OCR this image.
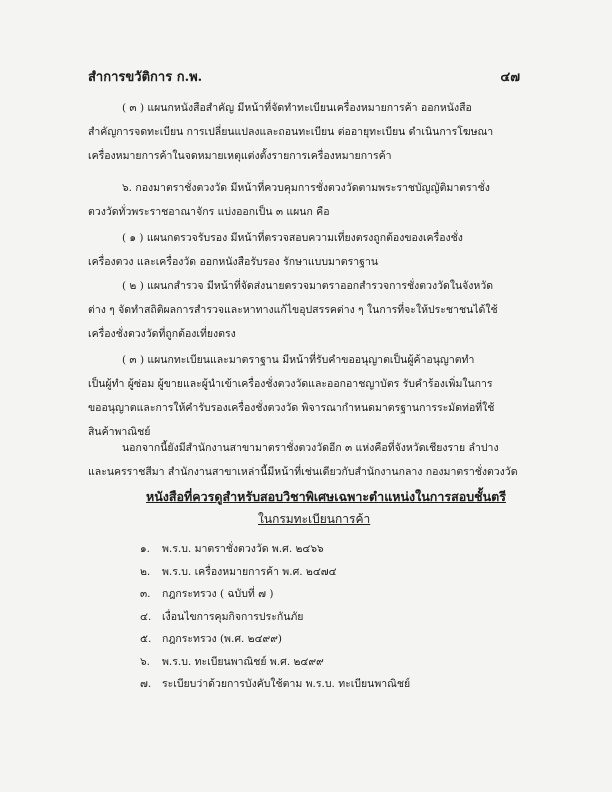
สำการขวัติการ ก.พ.	๔๗
( ๓ ) แผนกหนังสือสำคัญ มีหน้าที่จัดทำทะเบียนเครื่องหมายการค้า ออกหนังสือ
สำคัญการจดทะเบียน การเปลี่ยนแปลงและถอนทะเบียน ต่ออายุทะเบียน ดำเนินการโฆษณา
เครื่องหมายการค้าในจดหมายเหตุแต่งตั้งรายการเครื่องหมายการค้า
๖. กองมาตราชั่งตวงวัด มีหน้าที่ควบคุมการชั่งตวงวัดตามพระราชบัญญัติมาตราชั่ง
ตวงวัดทั่วพระราชอาณาจักร แบ่งออกเป็น ๓ แผนก คือ
( ๑ ) แผนกตรวจรับรอง มีหน้าที่ตรวจสอบความเที่ยงตรงถูกต้องของเครื่องชั่ง
เครื่องตวง และเครื่องวัด ออกหนังสือรับรอง รักษาแบบมาตราฐาน
( ๒ ) แผนกสำรวจ มีหน้าที่จัดส่งนายตรวจมาตราออกสำรวจการชั่งตวงวัดในจังหวัด
ต่าง ๆ จัดทำสถิติผลการสำรวจและหาทางแก้ไขอุปสรรคต่าง ๆ ในการที่จะให้ประชาชนได้ใช้
เครื่องชั่งตวงวัดที่ถูกต้องเที่ยงตรง
( ๓ ) แผนกทะเบียนและมาตราฐาน มีหน้าที่รับคำขออนุญาตเป็นผู้ค้าอนุญาตทำ
เป็นผู้ทำ ผู้ซ่อม ผู้ขายและผู้นำเข้าเครื่องชั่งตวงวัดและออกอาชญาบัตร รับคำร้องเพิ่มในการ
ขออนุญาตและการให้คำรับรองเครื่องชั่งตวงวัด พิจารณากำหนดมาตรฐานการระมัดท่อที่ใช้
สินค้าพาณิชย์
นอกจากนี้ยังมีสำนักงานสาขามาตราชั่งตวงวัดอีก ๓ แห่งคือที่จังหวัดเชียงราย ลำปาง
และนครราชสีมา สำนักงานสาขาเหล่านี้มีหน้าที่เช่นเดียวกับสำนักงานกลาง กองมาตราชั่งตวงวัด
หนังสือที่ควรดูสำหรับสอบวิชาพิเศษเฉพาะตำแหน่งในการสอบชั้นตรี
ในกรมทะเบียนการค้า
๑. พ.ร.บ. มาตราชั่งตวงวัด พ.ศ. ๒๔๖๖
๒. พ.ร.บ. เครื่องหมายการค้า พ.ศ. ๒๔๗๔
๓. กฎกระทรวง ( ฉบับที่ ๗ )
๔. เงื่อนไขการคุมกิจการประกันภัย
๕. กฎกระทรวง (พ.ศ. ๒๔๙๙)
๖. พ.ร.บ. ทะเบียนพาณิชย์ พ.ศ. ๒๔๙๙
๗. ระเบียบว่าด้วยการบังคับใช้ตาม พ.ร.บ. ทะเบียนพาณิชย์
